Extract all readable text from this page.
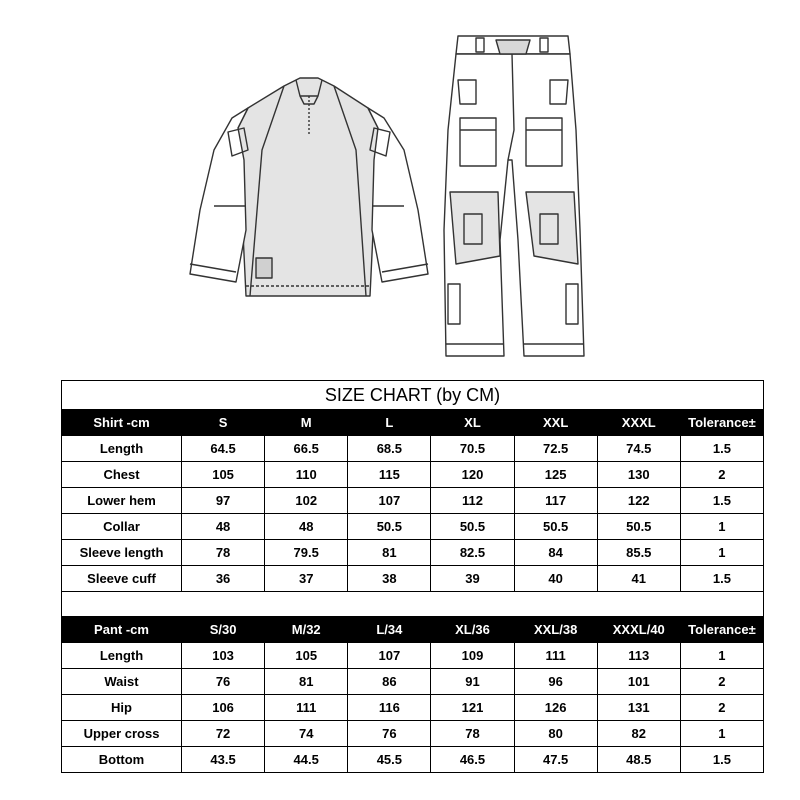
SIZE CHART (by CM)							
Shirt -cm	S	M	L	XL	XXL	XXXL	Tolerance±
Length	64.5	66.5	68.5	70.5	72.5	74.5	1.5
Chest	105	110	115	120	125	130	2
Lower hem	97	102	107	112	117	122	1.5
Collar	48	48	50.5	50.5	50.5	50.5	1
Sleeve length	78	79.5	81	82.5	84	85.5	1
Sleeve cuff	36	37	38	39	40	41	1.5

Pant -cm	S/30	M/32	L/34	XL/36	XXL/38	XXXL/40	Tolerance±
Length	103	105	107	109	111	113	1
Waist	76	81	86	91	96	101	2
Hip	106	111	116	121	126	131	2
Upper cross	72	74	76	78	80	82	1
Bottom	43.5	44.5	45.5	46.5	47.5	48.5	1.5
